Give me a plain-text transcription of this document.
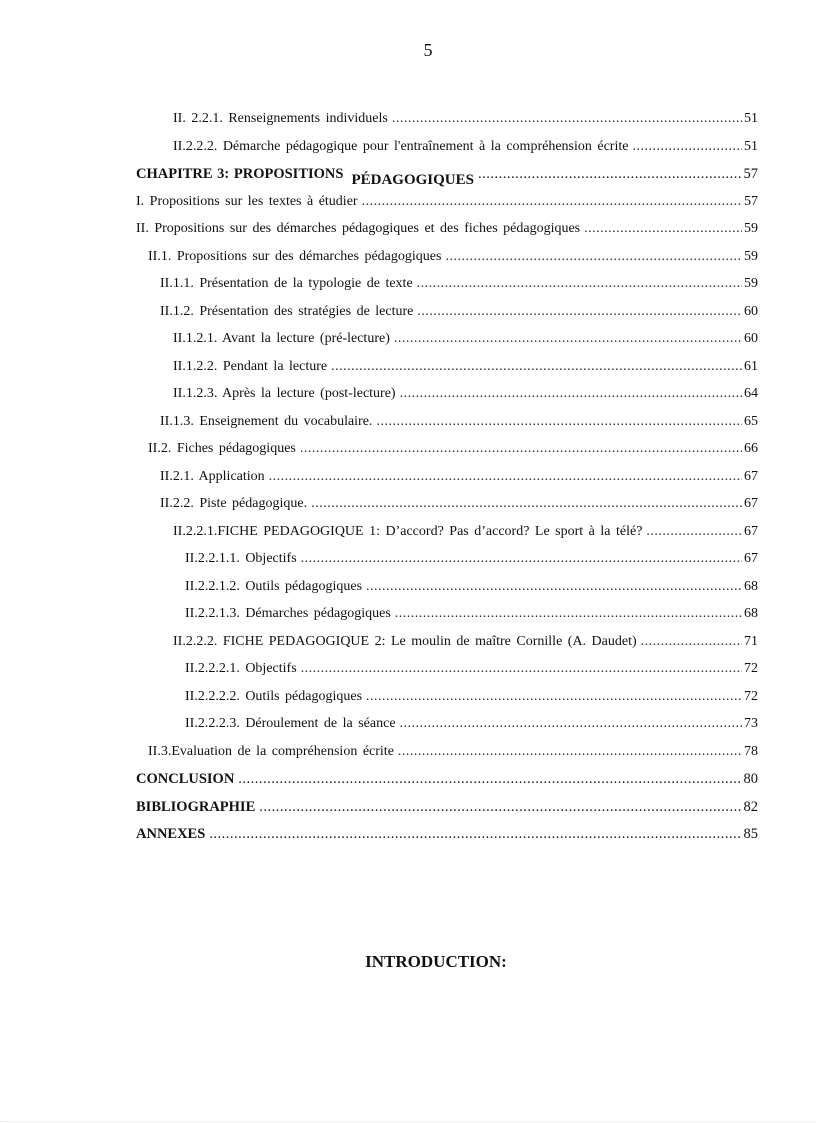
5
II. 2.2.1. Renseignements individuels .....	51
II.2.2.2. Démarche pédagogique pour l'entraînement à la compréhension écrite .....	51
CHAPITRE 3: PROPOSITIONS PÉDAGOGIQUES .....	57
I. Propositions sur les textes à étudier .....	57
II. Propositions sur des démarches pédagogiques et des fiches pédagogiques .....	59
II.1. Propositions sur des démarches pédagogiques .....	59
II.1.1. Présentation de la typologie de texte .....	59
II.1.2. Présentation des stratégies de lecture .....	60
II.1.2.1. Avant la lecture (pré-lecture) .....	60
II.1.2.2. Pendant la lecture .....	61
II.1.2.3. Après la lecture (post-lecture) .....	64
II.1.3. Enseignement du vocabulaire. .....	65
II.2. Fiches pédagogiques .....	66
II.2.1. Application .....	67
II.2.2. Piste pédagogique. .....	67
II.2.2.1.FICHE PEDAGOGIQUE 1: D’accord? Pas d’accord? Le sport à la télé? .....	67
II.2.2.1.1. Objectifs .....	67
II.2.2.1.2. Outils pédagogiques .....	68
II.2.2.1.3. Démarches pédagogiques .....	68
II.2.2.2. FICHE PEDAGOGIQUE 2: Le moulin de maître Cornille (A. Daudet) .....	71
II.2.2.2.1. Objectifs .....	72
II.2.2.2.2. Outils pédagogiques .....	72
II.2.2.2.3. Déroulement de la séance .....	73
II.3.Evaluation de la compréhension écrite .....	78
CONCLUSION .....	80
BIBLIOGRAPHIE .....	82
ANNEXES .....	85
INTRODUCTION:
